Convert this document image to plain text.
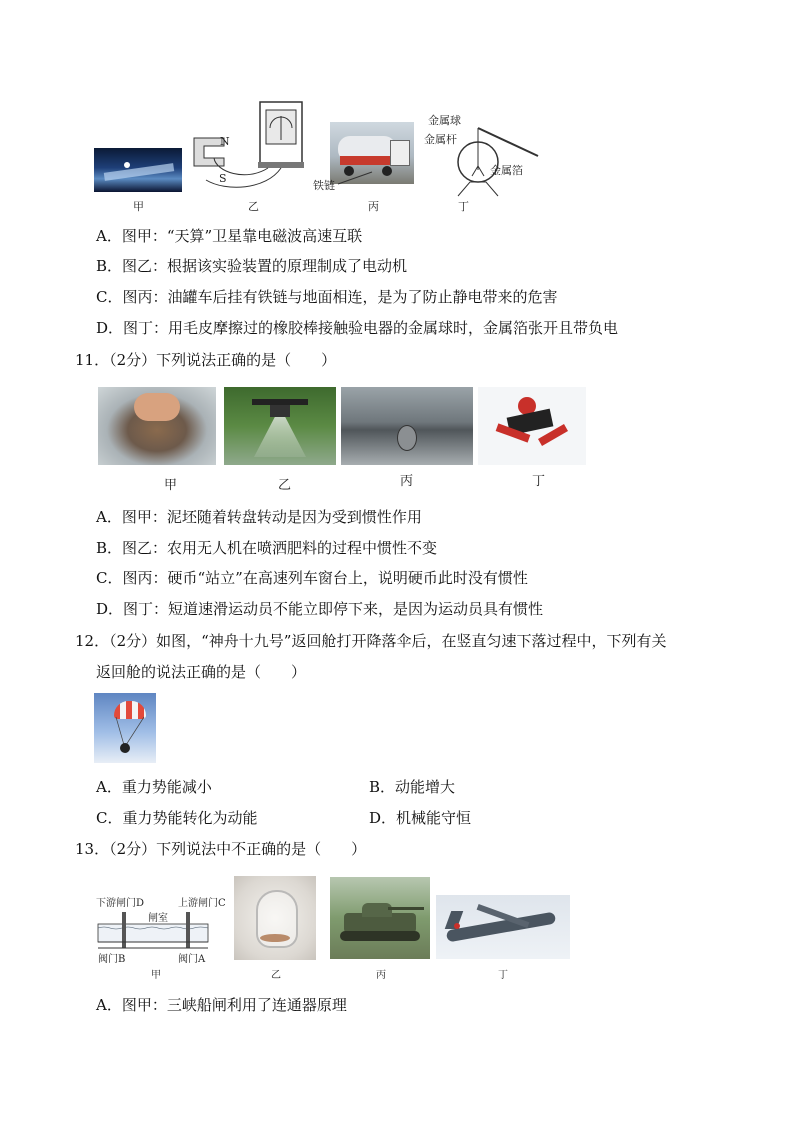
甲
N
S
乙
铁链
丙
金属球
金属杆
金属箔
丁
A．图甲：“天算”卫星靠电磁波高速互联
B．图乙：根据该实验装置的原理制成了电动机
C．图丙：油罐车后挂有铁链与地面相连，是为了防止静电带来的危害
D．图丁：用毛皮摩擦过的橡胶棒接触验电器的金属球时，金属箔张开且带负电
11．（2分）下列说法正确的是（　　）
甲	乙	丙	丁
A．图甲：泥坯随着转盘转动是因为受到惯性作用
B．图乙：农用无人机在喷洒肥料的过程中惯性不变
C．图丙：硬币“站立”在高速列车窗台上，说明硬币此时没有惯性
D．图丁：短道速滑运动员不能立即停下来，是因为运动员具有惯性
12．（2分）如图，“神舟十九号”返回舱打开降落伞后，在竖直匀速下落过程中，下列有关
返回舱的说法正确的是（　　）
A．重力势能减小	B．动能增大
C．重力势能转化为动能	D．机械能守恒
13．（2分）下列说法中不正确的是（　　）
下游闸门D	上游闸门C
闸室
阀门B	阀门A
甲	乙	丙	丁
A．图甲：三峡船闸利用了连通器原理
